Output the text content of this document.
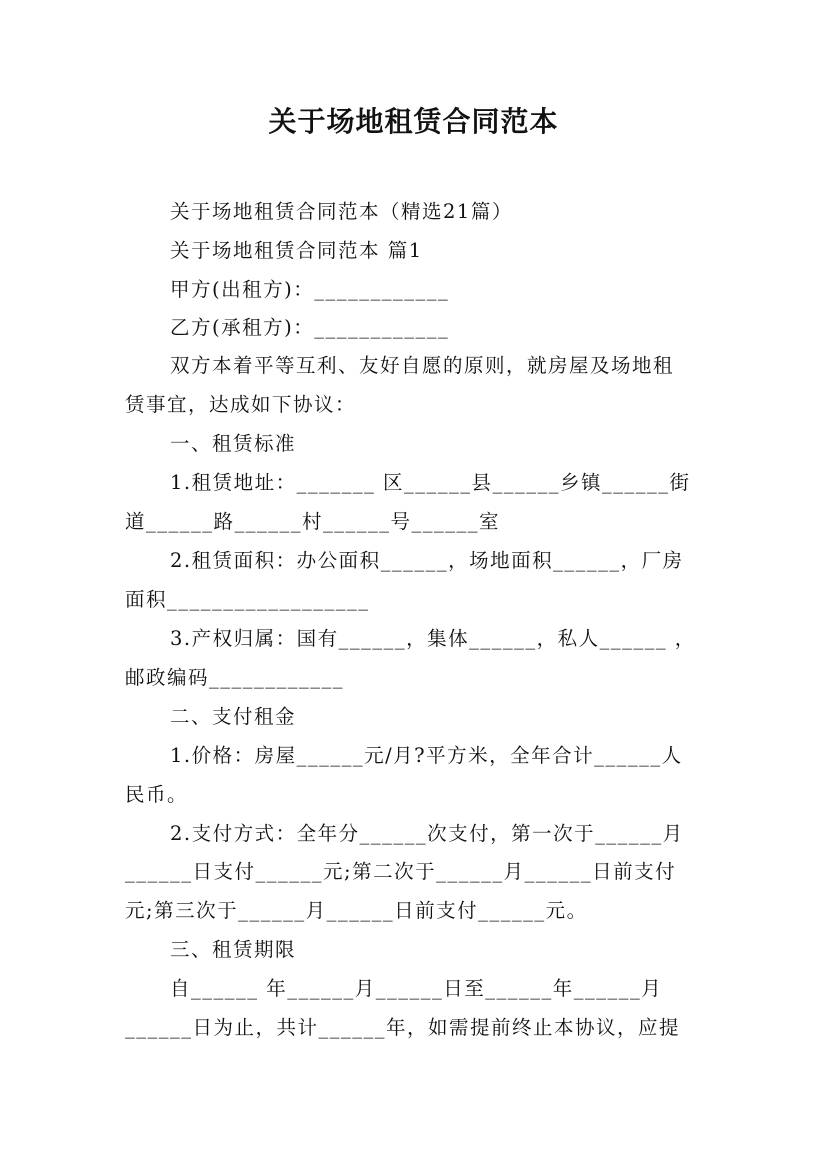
关于场地租赁合同范本
关于场地租赁合同范本（精选21篇）
关于场地租赁合同范本 篇1
甲方(出租方)：____________
乙方(承租方)：____________
双方本着平等互利、友好自愿的原则，就房屋及场地租
赁事宜，达成如下协议：
一、租赁标准
1.租赁地址：_______ 区______县______乡镇______街
道______路______村______号______室
2.租赁面积：办公面积______，场地面积______，厂房
面积__________________
3.产权归属：国有______，集体______，私人______ ，
邮政编码____________
二、支付租金
1.价格：房屋______元/月?平方米，全年合计______人
民币。
2.支付方式：全年分______次支付，第一次于______月
______日支付______元;第二次于______月______日前支付
元;第三次于______月______日前支付______元。
三、租赁期限
自______ 年______月______日至______年______月
______日为止，共计______年，如需提前终止本协议，应提
